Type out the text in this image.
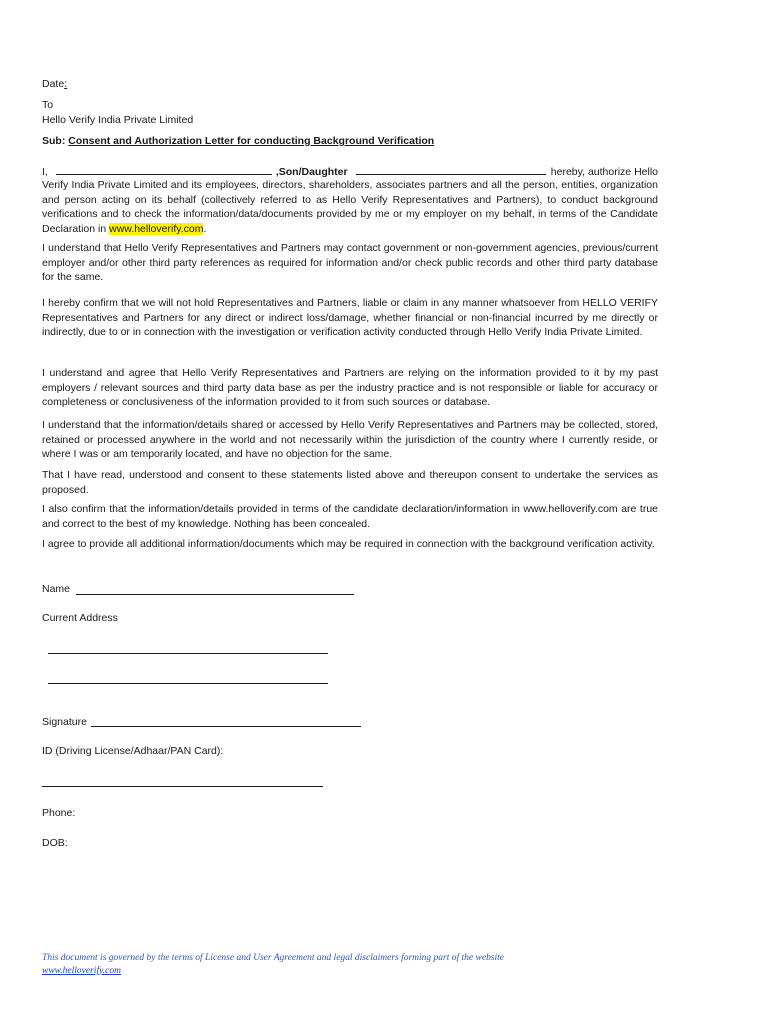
Date:
To
Hello Verify India Private Limited
Sub: Consent and Authorization Letter for conducting Background Verification
I,	,Son/Daughter	hereby, authorize Hello
Verify India Private Limited and its employees, directors, shareholders, associates partners and all the person, entities, organization and person acting on its behalf (collectively referred to as Hello Verify Representatives and Partners), to conduct background verifications and to check the information/data/documents provided by me or my employer on my behalf, in terms of the Candidate Declaration in www.helloverify.com.
I understand that Hello Verify Representatives and Partners may contact government or non-government agencies, previous/current employer and/or other third party references as required for information and/or check public records and other third party database for the same.
I hereby confirm that we will not hold Representatives and Partners, liable or claim in any manner whatsoever from HELLO VERIFY Representatives and Partners for any direct or indirect loss/damage, whether financial or non-financial incurred by me directly or indirectly, due to or in connection with the investigation or verification activity conducted through Hello Verify India Private Limited.
I understand and agree that Hello Verify Representatives and Partners are relying on the information provided to it by my past employers / relevant sources and third party data base as per the industry practice and is not responsible or liable for accuracy or completeness or conclusiveness of the information provided to it from such sources or database.
I understand that the information/details shared or accessed by Hello Verify Representatives and Partners may be collected, stored, retained or processed anywhere in the world and not necessarily within the jurisdiction of the country where I currently reside, or where I was or am temporarily located, and have no objection for the same.
That I have read, understood and consent to these statements listed above and thereupon consent to undertake the services as proposed.
I also confirm that the information/details provided in terms of the candidate declaration/information in www.helloverify.com are true and correct to the best of my knowledge. Nothing has been concealed.
I agree to provide all additional information/documents which may be required in connection with the background verification activity.
Name
Current Address
Signature
ID (Driving License/Adhaar/PAN Card):
Phone:
DOB:
This document is governed by the terms of License and User Agreement and legal disclaimers forming part of the website
www.helloverify.com
